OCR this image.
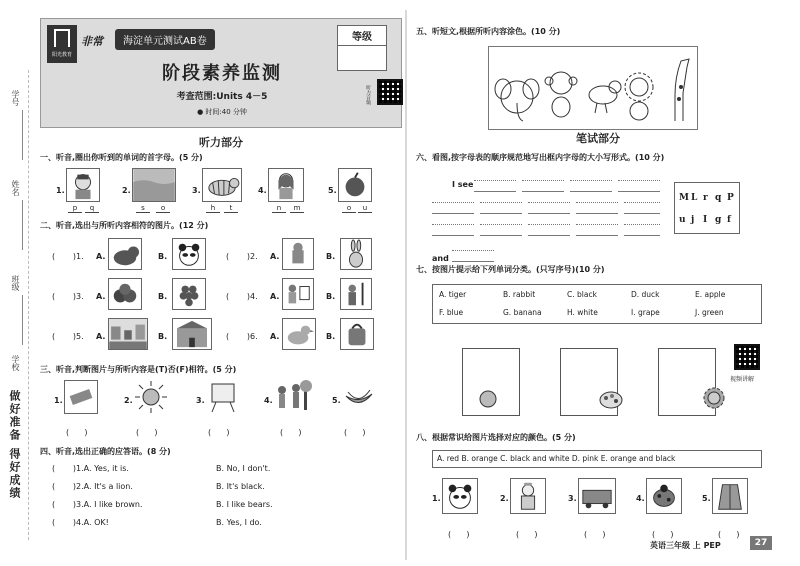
学号
姓名
班级
学校
做好准备 得好成绩
阳光教育
非常	海淀单元测试AB卷	等级
阶段素养监测
考查范围:Units 4－5
● 时间:40 分钟
听力音频
听力部分
一、听音,圈出你听到的单词的首字母。(5 分)
1.
p	q
2.
s	o
3.
h	t
4.
n	m
5.
o	u
二、听音,选出与所听内容相符的图片。(12 分)
(       )1. A.	B.	(       )2. A.	B.
(       )3. A.	B.	(       )4. A.	B.
(       )5. A.	B.	(       )6. A.	B.
三、听音,判断图片与所听内容是(T)否(F)相符。(5 分)
1.
(      )
2.
(      )
3.
(      )
4.
(      )
5.
(      )
四、听音,选出正确的应答语。(8 分)
(       )1.A. Yes, it is.	B. No, I don't.
(       )2.A. It's a lion.	B. It's black.
(       )3.A. I like brown.	B. I like bears.
(       )4.A. OK!	B. Yes, I do.
五、听短文,根据所听内容涂色。(10 分)
笔试部分
六、看图,按字母表的顺序规范地写出框内字母的大小写形式。(10 分)
I see
and
M L r q P
u j I g f
七、按图片提示给下列单词分类。(只写序号)(10 分)
A. tiger	B. rabbit	C. black	D. duck	E. apple
F. blue	G. banana	H. white	I. grape	J. green
视频讲解
八、根据常识给图片选择对应的颜色。(5 分)
A. red B. orange C. black and white D. pink E. orange and black
1.
(      )
2.
(      )
3.
(      )
4.
(      )
5.
(      )
英语三年级 上 PEP	27
